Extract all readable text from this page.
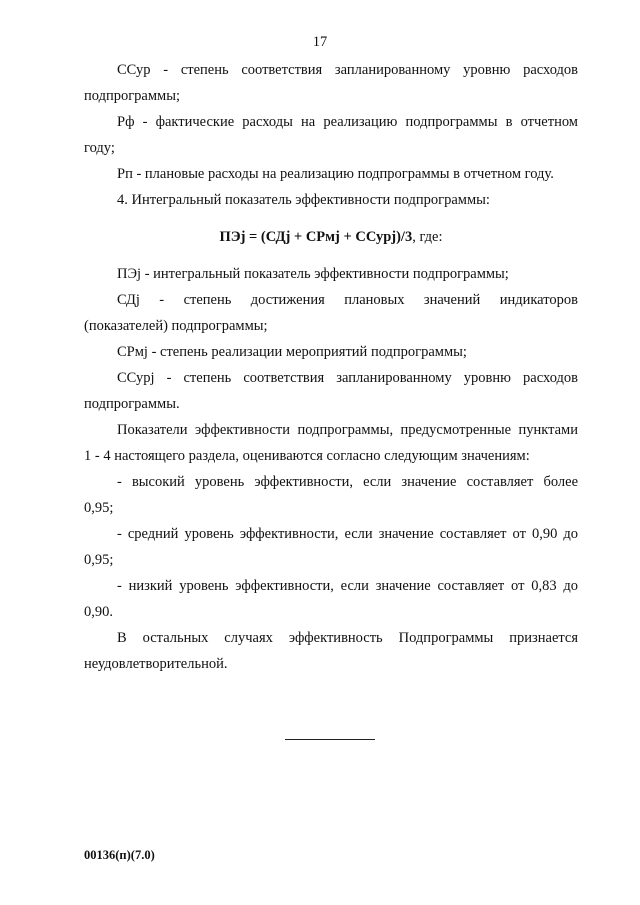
17

ССур - степень соответствия запланированному уровню расходов

подпрограммы;

Рф - фактические расходы на реализацию подпрограммы в отчетном

году;

Рп - плановые расходы на реализацию подпрограммы в отчетном году.

4. Интегральный показатель эффективности подпрограммы:

ПЭj = (СДj + СРмj + ССурj)/3, где:

ПЭj - интегральный показатель эффективности подпрограммы;

СДj - степень достижения плановых значений индикаторов

(показателей) подпрограммы;

СРмj - степень реализации мероприятий подпрограммы;

ССурj - степень соответствия запланированному уровню расходов

подпрограммы.

Показатели эффективности подпрограммы, предусмотренные пунктами

1 - 4 настоящего раздела, оцениваются согласно следующим значениям:

- высокий уровень эффективности, если значение составляет более

0,95;

- средний уровень эффективности, если значение составляет от 0,90 до

0,95;

- низкий уровень эффективности, если значение составляет от 0,83 до

0,90.

В остальных случаях эффективность Подпрограммы признается

неудовлетворительной.

00136(п)(7.0)
